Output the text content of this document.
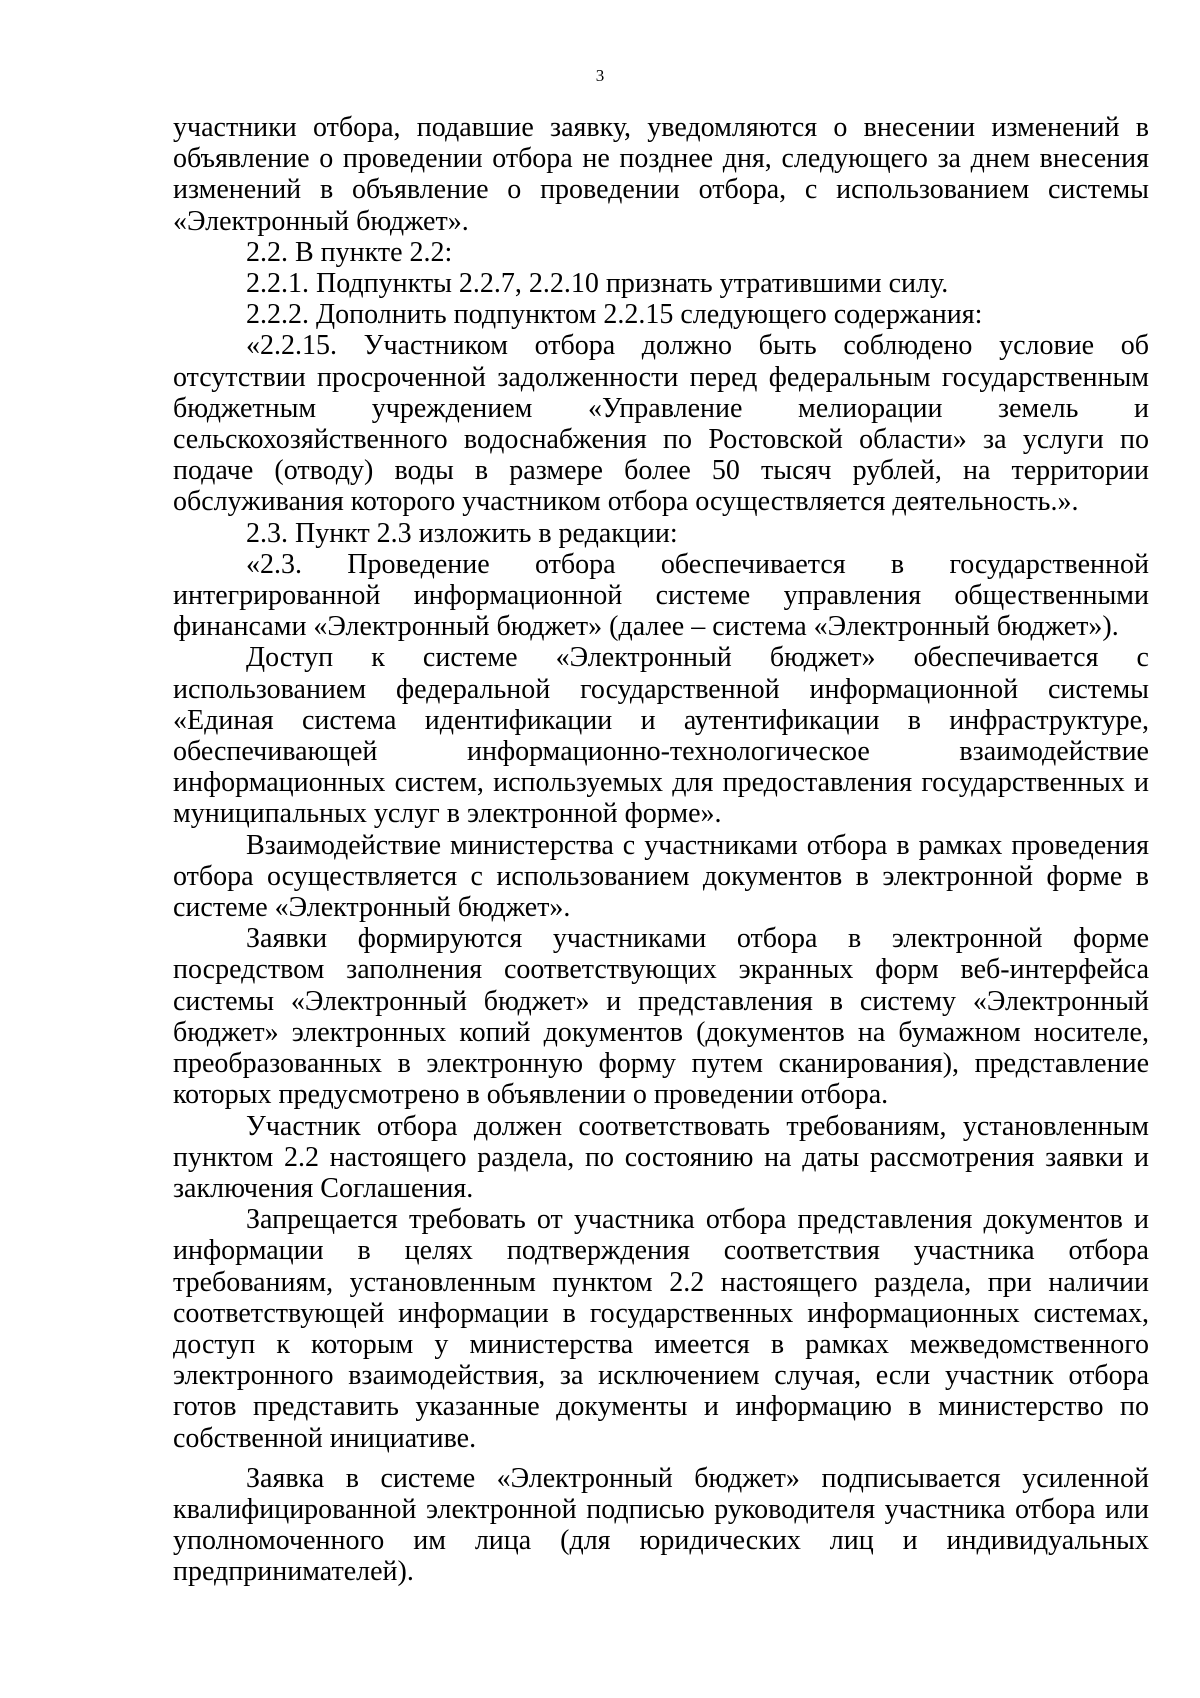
3

участники отбора, подавшие заявку, уведомляются о внесении изменений в объявление о проведении отбора не позднее дня, следующего за днем внесения изменений в объявление о проведении отбора, с использованием системы «Электронный бюджет».

2.2. В пункте 2.2:

2.2.1. Подпункты 2.2.7, 2.2.10 признать утратившими силу.

2.2.2. Дополнить подпунктом 2.2.15 следующего содержания:

«2.2.15. Участником отбора должно быть соблюдено условие об отсутствии просроченной задолженности перед федеральным государственным бюджетным учреждением «Управление мелиорации земель и сельскохозяйственного водоснабжения по Ростовской области» за услуги по подаче (отводу) воды в размере более 50 тысяч рублей, на территории обслуживания которого участником отбора осуществляется деятельность.».

2.3. Пункт 2.3 изложить в редакции:

«2.3. Проведение отбора обеспечивается в государственной интегрированной информационной системе управления общественными финансами «Электронный бюджет» (далее – система «Электронный бюджет»).

Доступ к системе «Электронный бюджет» обеспечивается с использованием федеральной государственной информационной системы «Единая система идентификации и аутентификации в инфраструктуре, обеспечивающей информационно-технологическое взаимодействие информационных систем, используемых для предоставления государственных и муниципальных услуг в электронной форме».

Взаимодействие министерства с участниками отбора в рамках проведения отбора осуществляется с использованием документов в электронной форме в системе «Электронный бюджет».

Заявки формируются участниками отбора в электронной форме посредством заполнения соответствующих экранных форм веб-интерфейса системы «Электронный бюджет» и представления в систему «Электронный бюджет» электронных копий документов (документов на бумажном носителе, преобразованных в электронную форму путем сканирования), представление которых предусмотрено в объявлении о проведении отбора.

Участник отбора должен соответствовать требованиям, установленным пунктом 2.2 настоящего раздела, по состоянию на даты рассмотрения заявки и заключения Соглашения.

Запрещается требовать от участника отбора представления документов и информации в целях подтверждения соответствия участника отбора требованиям, установленным пунктом 2.2 настоящего раздела, при наличии соответствующей информации в государственных информационных системах, доступ к которым у министерства имеется в рамках межведомственного электронного взаимодействия, за исключением случая, если участник отбора готов представить указанные документы и информацию в министерство по собственной инициативе.

Заявка в системе «Электронный бюджет» подписывается усиленной квалифицированной электронной подписью руководителя участника отбора или уполномоченного им лица (для юридических лиц и индивидуальных предпринимателей).
